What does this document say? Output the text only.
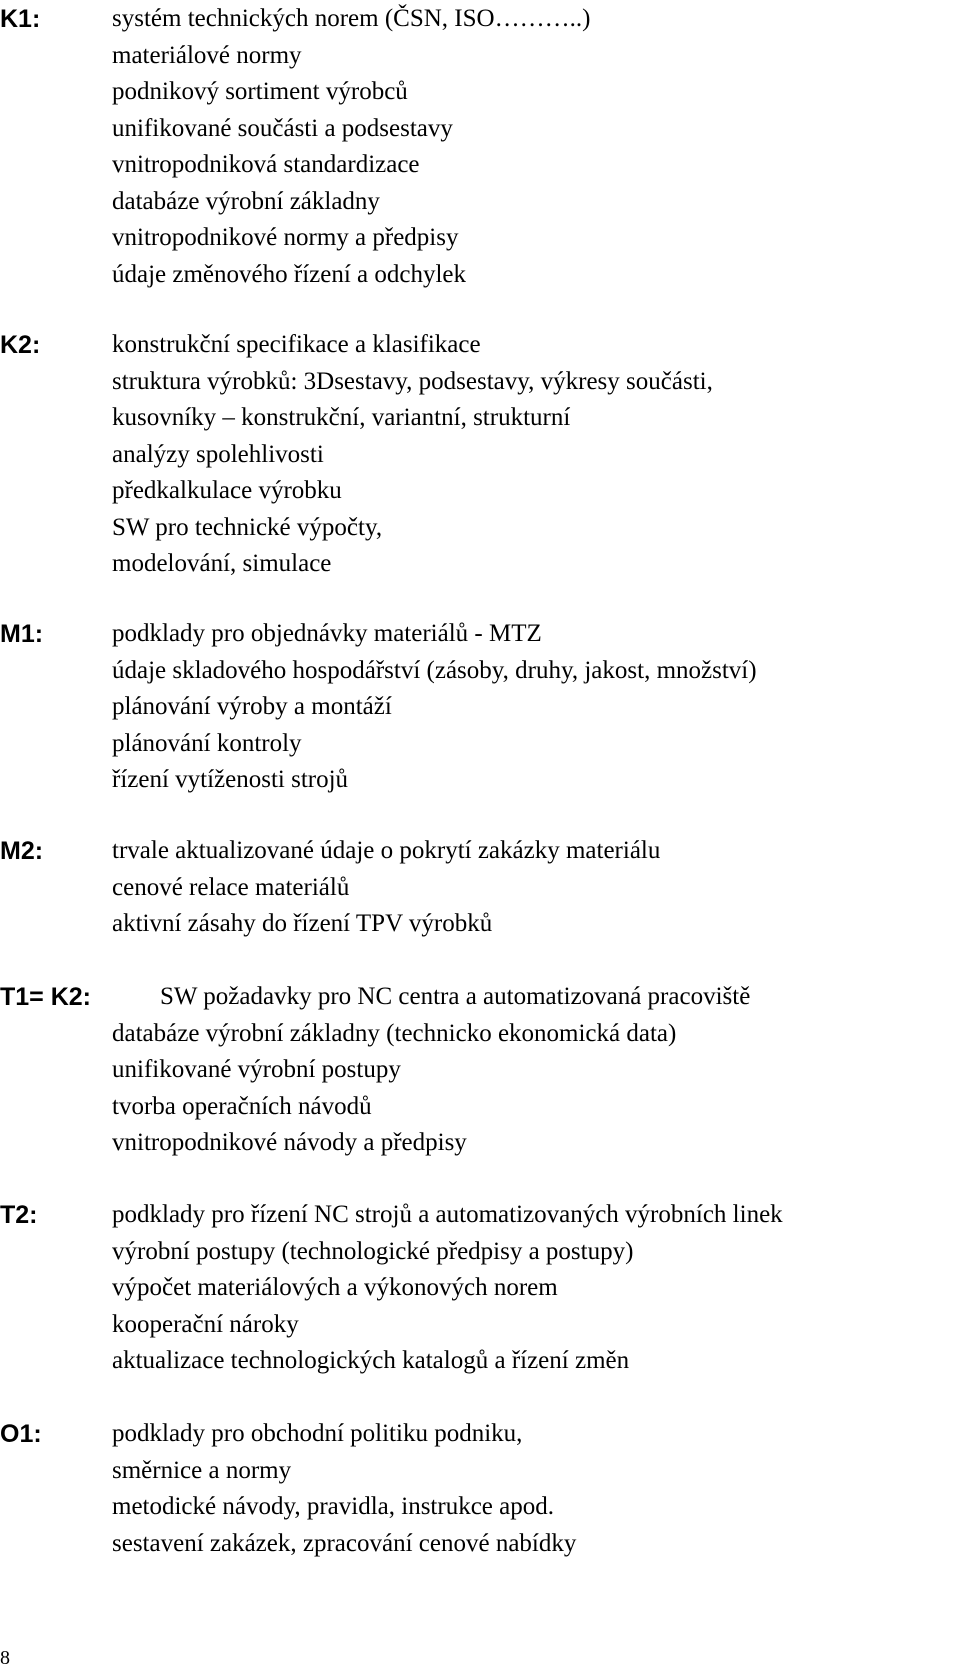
K1:	systém technických norem (ČSN, ISO………..)
materiálové normy
podnikový sortiment výrobců
unifikované součásti a podsestavy
vnitropodniková standardizace
databáze výrobní základny
vnitropodnikové normy a předpisy
údaje změnového řízení a odchylek
K2:	konstrukční specifikace a klasifikace
struktura výrobků: 3Dsestavy, podsestavy, výkresy součásti,
kusovníky – konstrukční, variantní, strukturní
analýzy spolehlivosti
předkalkulace výrobku
SW pro technické výpočty,
modelování, simulace
M1:	podklady pro objednávky materiálů - MTZ
údaje skladového hospodářství (zásoby, druhy, jakost, množství)
plánování výroby a montáží
plánování kontroly
řízení vytíženosti strojů
M2:	trvale aktualizované údaje o pokrytí zakázky materiálu
cenové relace materiálů
aktivní zásahy do řízení TPV výrobků
T1= K2:	SW požadavky pro NC centra a automatizovaná pracoviště
databáze výrobní základny (technicko ekonomická data)
unifikované výrobní postupy
tvorba operačních návodů
vnitropodnikové návody a předpisy
T2:	podklady pro řízení NC strojů a automatizovaných výrobních linek
výrobní postupy (technologické předpisy a postupy)
výpočet materiálových a výkonových norem
kooperační nároky
aktualizace technologických katalogů a řízení změn
O1:	podklady pro obchodní politiku podniku,
směrnice a normy
metodické návody, pravidla, instrukce apod.
sestavení zakázek, zpracování cenové nabídky
8
